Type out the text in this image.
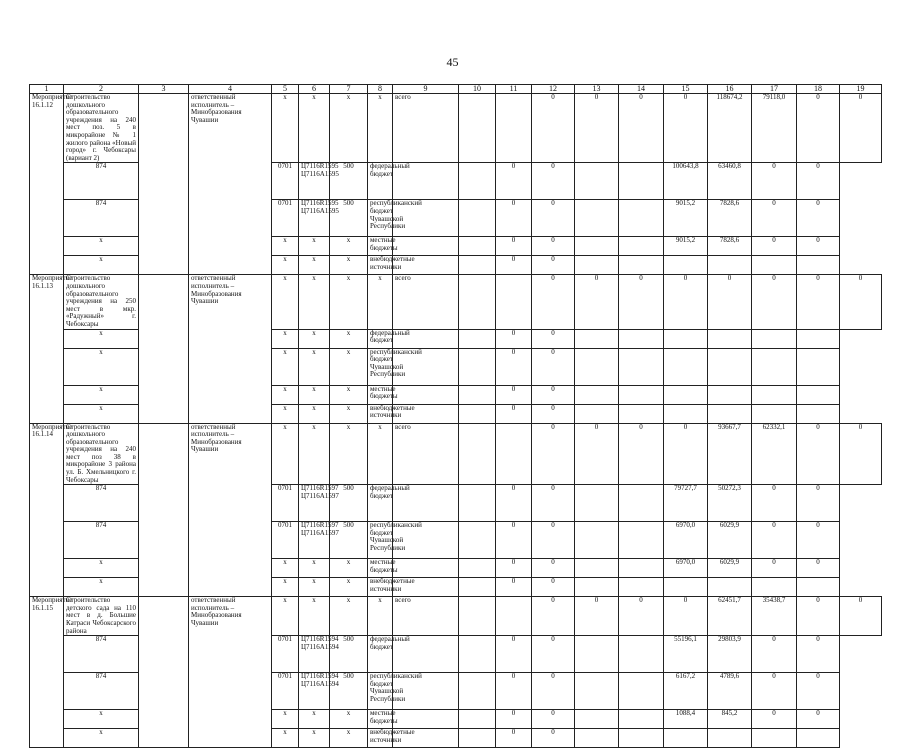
45
1	2	3	4	5	6	7	8	9	10	11	12	13	14	15	16	17	18	19
Мероприятие 16.1.12	Строительство дошкольного образовательного учреждения на 240 мест поз. 5 в микрорайоне № 1 жилого района «Новый город» г. Чебоксары (вариант 2)		ответственный исполнитель – Минобразования Чувашии	x	x	x	x	всего			0	0	0	0	118674,2	79118,0	0	0
	874			0701	Ц7116R1595 Ц7116А1595	500	федеральный бюджет			0	0			100643,8	63460,8	0	0	
	874			0701	Ц7116R1595 Ц7116А1595	500	республиканский бюджет Чувашской Республики			0	0			9015,2	7828,6	0	0	
	x			x	x	x	местные бюджеты			0	0			9015,2	7828,6	0	0	
	x			x	x	x	внебюджетные источники			0	0							
Мероприятие 16.1.13	Строительство дошкольного образовательного учреждения на 250 мест в мкр. «Радужный» г. Чебоксары		ответственный исполнитель – Минобразования Чувашии	x	x	x	x	всего			0	0	0	0	0	0	0	0
	x			x	x	x	федеральный бюджет			0	0							
	x			x	x	x	республиканский бюджет Чувашской Республики			0	0							
	x			x	x	x	местные бюджеты			0	0							
	x			x	x	x	внебюджетные источники			0	0							
Мероприятие 16.1.14	Строительство дошкольного образовательного учреждения на 240 мест поз 38 в микрорайоне 3 района ул. Б. Хмельницкого г. Чебоксары		ответственный исполнитель – Минобразования Чувашии	x	x	x	x	всего			0	0	0	0	93667,7	62332,1	0	0
	874			0701	Ц7116R1597 Ц7116А1597	500	федеральный бюджет			0	0			79727,7	50272,3	0	0	
	874			0701	Ц7116R1597 Ц7116А1597	500	республиканский бюджет Чувашской Республики			0	0			6970,0	6029,9	0	0	
	x			x	x	x	местные бюджеты			0	0			6970,0	6029,9	0	0	
	x			x	x	x	внебюджетные источники			0	0							
Мероприятие 16.1.15	Строительство детского сада на 110 мест в д. Большие Катраси Чебоксарского района		ответственный исполнитель – Минобразования Чувашии	x	x	x	x	всего			0	0	0	0	62451,7	35438,7	0	0
	874			0701	Ц7116R1594 Ц7116А1594	500	федеральный бюджет			0	0			55196,1	29803,9	0	0	
	874			0701	Ц7116R1594 Ц7116А1594	500	республиканский бюджет Чувашской Республики			0	0			6167,2	4789,6	0	0	
	x			x	x	x	местные бюджеты			0	0			1088,4	845,2	0	0	
	x			x	x	x	внебюджетные источники			0	0							
